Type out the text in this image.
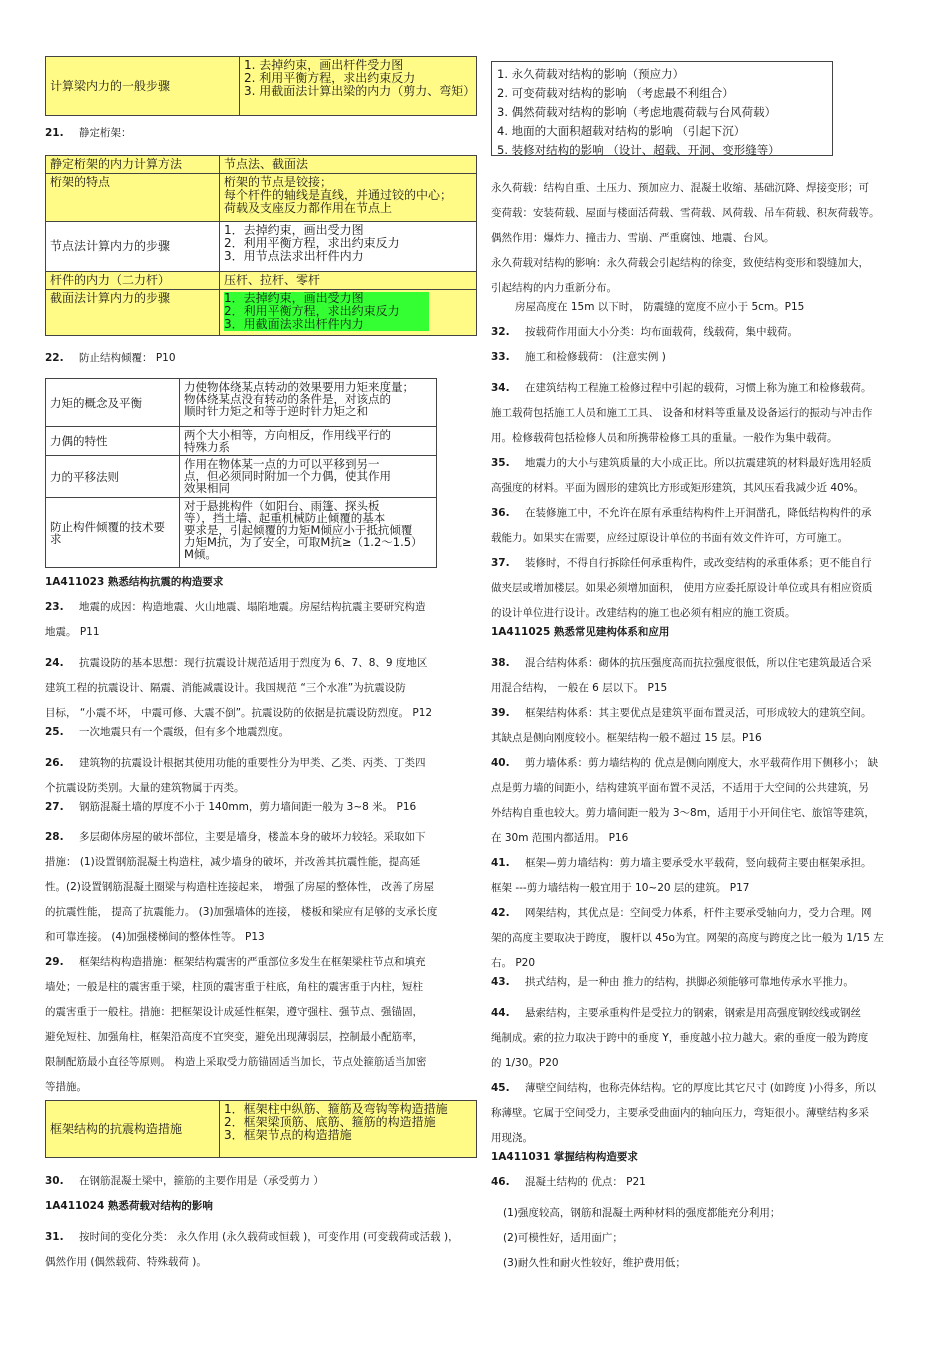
计算梁内力的一般步骤	
1. 去掉约束，画出杆件受力图
2. 利用平衡方程，求出约束反力
3. 用截面法计算出梁的内力（剪力、弯矩）
21. 静定桁架：
静定桁架的内力计算方法	节点法、截面法
桁架的特点	桁架的节点是铰接；
每个杆件的轴线是直线，并通过铰的中心；
荷载及支座反力都作用在节点上

节点法计算内力的步骤	1．去掉约束，画出受力图
2．利用平衡方程，求出约束反力
3．用节点法求出杆件内力

杆件的内力（二力杆）	压杆、拉杆、零杆
截面法计算内力的步骤	1．去掉约束，画出受力图
2．利用平衡方程，求出约束反力
3．用截面法求出杆件内力
22. 防止结构倾覆： P10
力矩的概念及平衡	力使物体绕某点转动的效果要用力矩来度量；
物体绕某点没有转动的条件是，对该点的
顺时针力矩之和等于逆时针力矩之和

力偶的特性	两个大小相等，方向相反，作用线平行的
特殊力系

力的平移法则	作用在物体某一点的力可以平移到另一
点，但必须同时附加一个力偶，使其作用
效果相同

防止构件倾覆的技术要求	对于悬挑构件（如阳台、雨篷、探头板
等），挡土墙、起重机械防止倾覆的基本
要求是，引起倾覆的力矩M倾应小于抵抗倾覆
力矩M抗，为了安全，可取M抗≥（1.2～1.5）
M倾。
1A411023 熟悉结构抗震的构造要求
23. 地震的成因：构造地震、火山地震、塌陷地震。房屋结构抗震主要研究构造
地震。 P11
24. 抗震设防的基本思想：现行抗震设计规范适用于烈度为 6、7、8、9 度地区
建筑工程的抗震设计、隔震、消能减震设计。我国规范 “三个水准”为抗震设防
目标， “小震不坏， 中震可修、大震不倒”。抗震设防的依据是抗震设防烈度。 P12
25. 一次地震只有一个震级，但有多个地震烈度。
26. 建筑物的抗震设计根据其使用功能的重要性分为甲类、乙类、丙类、丁类四
个抗震设防类别。大量的建筑物属于丙类。
27. 钢筋混凝土墙的厚度不小于 140mm，剪力墙间距一般为 3~8 米。 P16
28. 多层砌体房屋的破坏部位，主要是墙身，楼盖本身的破坏力较轻。采取如下
措施： (1)设置钢筋混凝土构造柱，减少墙身的破坏，并改善其抗震性能，提高延
性。(2)设置钢筋混凝土圈梁与构造柱连接起来， 增强了房屋的整体性， 改善了房屋
的抗震性能， 提高了抗震能力。 (3)加强墙体的连接， 楼板和梁应有足够的支承长度
和可靠连接。 (4)加强楼梯间的整体性等。 P13
29. 框架结构构造措施：框架结构震害的严重部位多发生在框架梁柱节点和填充
墙处；一般是柱的震害重于梁，柱顶的震害重于柱底，角柱的震害重于内柱，短柱
的震害重于一般柱。措施：把框架设计成延性框架，遵守强柱、强节点、强锚固，
避免短柱、加强角柱，框架沿高度不宜突变，避免出现薄弱层，控制最小配筋率，
限制配筋最小直径等原则。 构造上采取受力筋锚固适当加长，节点处箍筋适当加密
等措施。
框架结构的抗震构造措施	
1．框架柱中纵筋、箍筋及弯钩等构造措施
2．框架梁顶筋、底筋、箍筋的构造措施
3．框架节点的构造措施
30. 在钢筋混凝土梁中，箍筋的主要作用是（承受剪力 ）
1A411024 熟悉荷载对结构的影响
31. 按时间的变化分类： 永久作用 (永久载荷或恒载 )，可变作用 (可变载荷或活载 )，
偶然作用 (偶然载荷、特殊载荷 )。
1. 永久荷载对结构的影响（预应力）
2. 可变荷载对结构的影响 （考虑最不利组合）
3. 偶然荷载对结构的影响（考虑地震荷载与台风荷载）
4. 地面的大面积超载对结构的影响 （引起下沉）
5. 装修对结构的影响 （设计、超载、开洞、变形缝等）
永久荷载：结构自重、土压力、预加应力、混凝土收缩、基础沉降、焊接变形；可
变荷载：安装荷载、屋面与楼面活荷载、雪荷载、风荷载、吊车荷载、积灰荷载等。
偶然作用：爆炸力、撞击力、雪崩、严重腐蚀、地震、台风。
永久荷载对结构的影响：永久荷载会引起结构的徐变，致使结构变形和裂缝加大，
引起结构的内力重新分布。
房屋高度在 15m 以下时， 防震缝的宽度不应小于 5cm。P15
32. 按载荷作用面大小分类：均布面载荷，线载荷，集中载荷。
33. 施工和检修载荷： (注意实例 )
34. 在建筑结构工程施工检修过程中引起的载荷，习惯上称为施工和检修载荷。
施工载荷包括施工人员和施工工具、 设备和材料等重量及设备运行的振动与冲击作
用。检修载荷包括检修人员和所携带检修工具的重量。一般作为集中载荷。
35. 地震力的大小与建筑质量的大小成正比。所以抗震建筑的材料最好选用轻质
高强度的材料。平面为圆形的建筑比方形或矩形建筑，其风压看我减少近 40%。
36. 在装修施工中，不允许在原有承重结构构件上开洞凿孔，降低结构构件的承
载能力。如果实在需要，应经过原设计单位的书面有效文件许可，方可施工。
37. 装修时，不得自行拆除任何承重构件，或改变结构的承重体系；更不能自行
做夹层或增加楼层。如果必须增加面积， 使用方应委托原设计单位或具有相应资质
的设计单位进行设计。改建结构的施工也必须有相应的施工资质。
1A411025 熟悉常见建构体系和应用
38. 混合结构体系：砌体的抗压强度高而抗拉强度很低，所以住宅建筑最适合采
用混合结构， 一般在 6 层以下。 P15
39. 框架结构体系：其主要优点是建筑平面布置灵活，可形成较大的建筑空间。
其缺点是侧向刚度较小。框架结构一般不超过 15 层。P16
40. 剪力墙体系：剪力墙结构的 优点是侧向刚度大，水平载荷作用下侧移小； 缺
点是剪力墙的间距小，结构建筑平面布置不灵活，不适用于大空间的公共建筑，另
外结构自重也较大。剪力墙间距一般为 3～8m，适用于小开间住宅、旅馆等建筑，
在 30m 范围内都适用。 P16
41. 框架—剪力墙结构：剪力墙主要承受水平载荷，竖向载荷主要由框架承担。
框架 ---剪力墙结构一般宜用于 10~20 层的建筑。 P17
42. 网架结构，其优点是：空间受力体系，杆件主要承受轴向力，受力合理。网
架的高度主要取决于跨度， 腹杆以 45o为宜。网架的高度与跨度之比一般为 1/15 左
右。 P20
43. 拱式结构，是一种由 推力的结构，拱脚必须能够可靠地传承水平推力。
44. 悬索结构，主要承重构件是受拉力的钢索，钢索是用高强度钢绞线或钢丝
绳制成。索的拉力取决于跨中的垂度 Y，垂度越小拉力越大。索的垂度一般为跨度
的 1/30。P20
45. 薄壁空间结构，也称壳体结构。它的厚度比其它尺寸 (如跨度 )小得多，所以
称薄壁。它属于空间受力，主要承受曲面内的轴向压力，弯矩很小。薄壁结构多采
用现浇。
1A411031 掌握结构构造要求
46. 混凝土结构的 优点： P21
(1)强度较高，钢筋和混凝土两种材料的强度都能充分利用；
(2)可模性好，适用面广；
(3)耐久性和耐火性较好，维护费用低；
